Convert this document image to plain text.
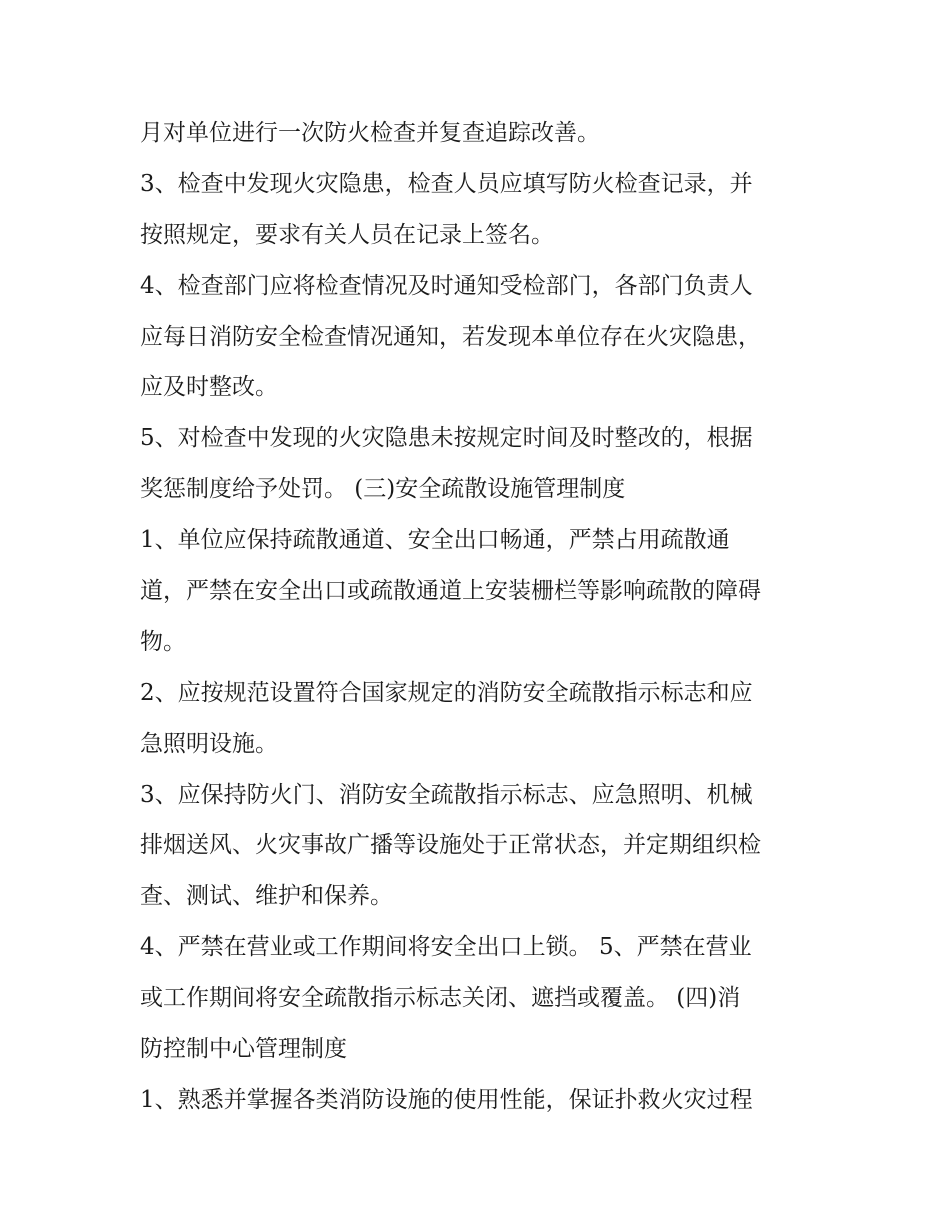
月对单位进行一次防火检查并复查追踪改善。
3、检查中发现火灾隐患，检查人员应填写防火检查记录，并
按照规定，要求有关人员在记录上签名。
4、检查部门应将检查情况及时通知受检部门，各部门负责人
应每日消防安全检查情况通知，若发现本单位存在火灾隐患，
应及时整改。
5、对检查中发现的火灾隐患未按规定时间及时整改的，根据
奖惩制度给予处罚。 (三)安全疏散设施管理制度
1、单位应保持疏散通道、安全出口畅通，严禁占用疏散通
道，严禁在安全出口或疏散通道上安装栅栏等影响疏散的障碍
物。
2、应按规范设置符合国家规定的消防安全疏散指示标志和应
急照明设施。
3、应保持防火门、消防安全疏散指示标志、应急照明、机械
排烟送风、火灾事故广播等设施处于正常状态，并定期组织检
查、测试、维护和保养。
4、严禁在营业或工作期间将安全出口上锁。 5、严禁在营业
或工作期间将安全疏散指示标志关闭、遮挡或覆盖。 (四)消
防控制中心管理制度
1、熟悉并掌握各类消防设施的使用性能，保证扑救火灾过程
